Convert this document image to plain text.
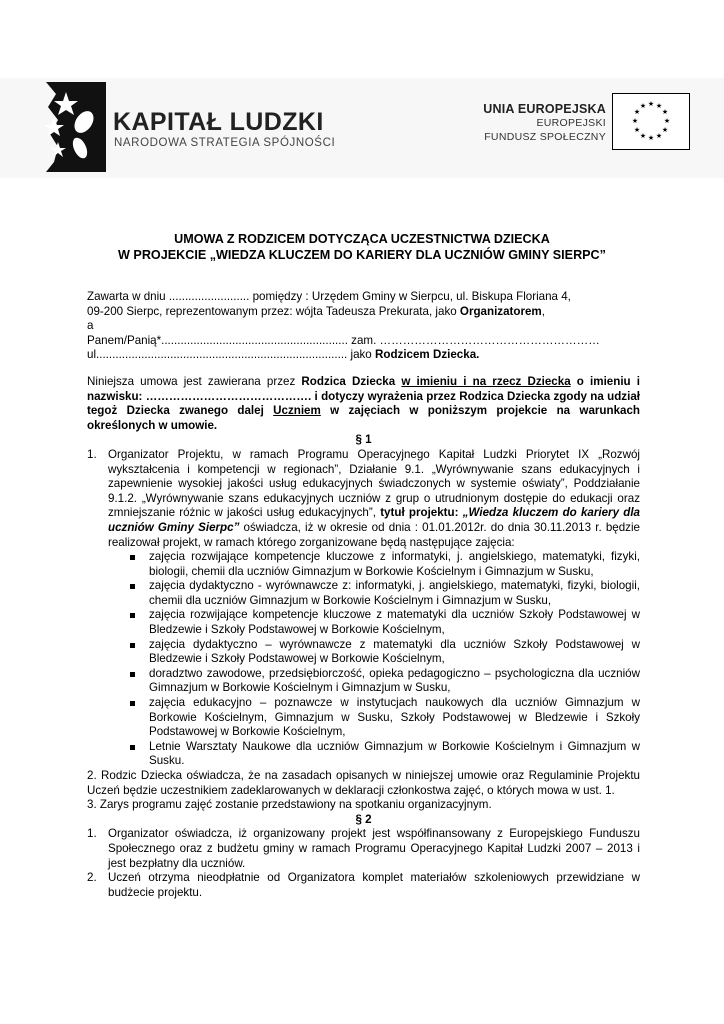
KAPITAŁ LUDZKI
NARODOWA STRATEGIA SPÓJNOŚCI
UNIA EUROPEJSKA
EUROPEJSKI
FUNDUSZ SPOŁECZNY
★ ★
★
★
★
★
★
★
★
★
★
★
UMOWA Z RODZICEM DOTYCZĄCA UCZESTNICTWA DZIECKA
W PROJEKCIE „WIEDZA KLUCZEM DO KARIERY DLA UCZNIÓW GMINY SIERPC”

Zawarta w dniu ......................... pomiędzy : Urzędem Gminy w Sierpcu, ul. Biskupa Floriana 4,

09-200 Sierpc, reprezentowanym przez: wójta Tadeusza Prekurata, jako Organizatorem,

a

Panem/Panią*.......................................................... zam. …………………………………………………

ul.............................................................................. jako Rodzicem Dziecka.

Niniejsza umowa jest zawierana przez Rodzica Dziecka w imieniu i na rzecz Dziecka o imieniu i nazwisku: ……………………………………. i dotyczy wyrażenia przez Rodzica Dziecka zgody na udział tegoż Dziecka zwanego dalej Uczniem w zajęciach w poniższym projekcie na warunkach określonych w umowie.

§ 1

1. Organizator Projektu, w ramach Programu Operacyjnego Kapitał Ludzki Priorytet IX „Rozwój wykształcenia i kompetencji w regionach”, Działanie 9.1. „Wyrównywanie szans edukacyjnych i zapewnienie wysokiej jakości usług edukacyjnych świadczonych w systemie oświaty”, Poddziałanie 9.1.2. „Wyrównywanie szans edukacyjnych uczniów z grup o utrudnionym dostępie do edukacji oraz zmniejszanie różnic w jakości usług edukacyjnych”, tytuł projektu: „Wiedza kluczem do kariery dla uczniów Gminy Sierpc” oświadcza, iż w okresie od dnia : 01.01.2012r. do dnia 30.11.2013 r. będzie realizował projekt, w ramach którego zorganizowane będą następujące zajęcia:
zajęcia rozwijające kompetencje kluczowe z informatyki, j. angielskiego, matematyki, fizyki, biologii, chemii dla uczniów Gimnazjum w Borkowie Kościelnym i Gimnazjum w Susku,
zajęcia dydaktyczno - wyrównawcze z: informatyki, j. angielskiego, matematyki, fizyki, biologii, chemii dla uczniów Gimnazjum w Borkowie Kościelnym i Gimnazjum w Susku,
zajęcia rozwijające kompetencje kluczowe z matematyki dla uczniów Szkoły Podstawowej w Bledzewie i Szkoły Podstawowej w Borkowie Kościelnym,
zajęcia dydaktyczno – wyrównawcze z matematyki dla uczniów Szkoły Podstawowej w Bledzewie i Szkoły Podstawowej w Borkowie Kościelnym,
doradztwo zawodowe, przedsiębiorczość, opieka pedagogiczno – psychologiczna dla uczniów Gimnazjum w Borkowie Kościelnym i Gimnazjum w Susku,
zajęcia edukacyjno – poznawcze w instytucjach naukowych dla uczniów Gimnazjum w Borkowie Kościelnym, Gimnazjum w Susku, Szkoły Podstawowej w Bledzewie i Szkoły Podstawowej w Borkowie Kościelnym,
Letnie Warsztaty Naukowe dla uczniów Gimnazjum w Borkowie Kościelnym i Gimnazjum w Susku.

2. Rodzic Dziecka oświadcza, że na zasadach opisanych w niniejszej umowie oraz Regulaminie Projektu Uczeń będzie uczestnikiem zadeklarowanych w deklaracji członkostwa zajęć, o których mowa w ust. 1.

3. Zarys programu zajęć zostanie przedstawiony na spotkaniu organizacyjnym.

§ 2

1. Organizator oświadcza, iż organizowany projekt jest współfinansowany z Europejskiego Funduszu Społecznego oraz z budżetu gminy w ramach Programu Operacyjnego Kapitał Ludzki 2007 – 2013 i jest bezpłatny dla uczniów.
2. Uczeń otrzyma nieodpłatnie od Organizatora komplet materiałów szkoleniowych przewidziane w budżecie projektu.
